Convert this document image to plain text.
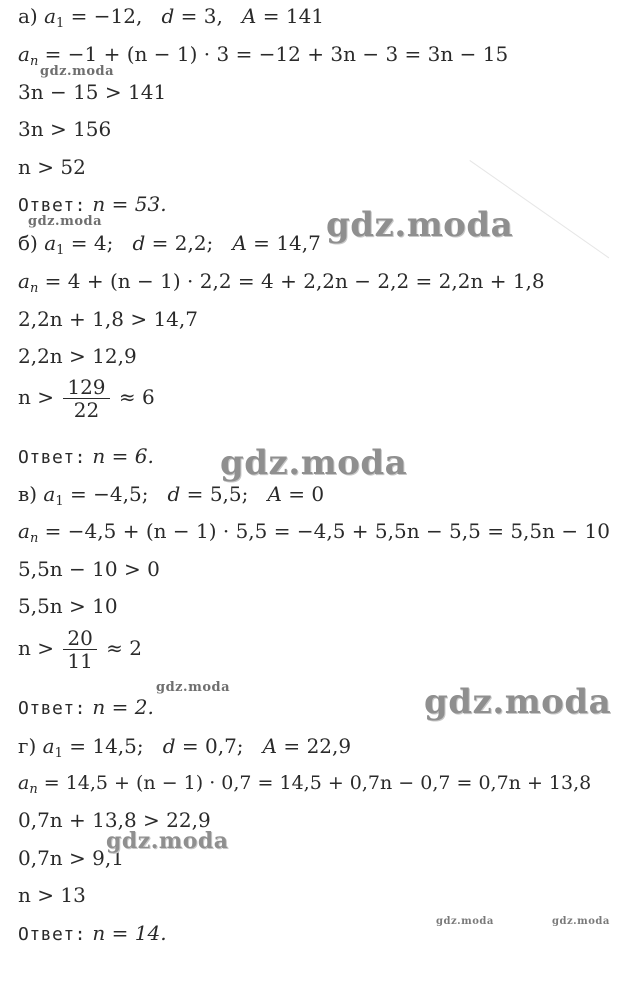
а) $a_1 = -12$, d = 3, A = 141
$a_n = -1 + (n - 1) \cdot 3 = -12 + 3n - 3 = 3n - 15$
3n − 15 > 141
3n > 156
n > 52
Ответ: n = 53.
б) $a_1 = 4$; d = 2,2; A = 14,7
$a_n = 4 + (n - 1) \cdot 2,2 = 4 + 2,2n - 2,2 = 2,2n + 1,8$
2,2n + 1,8 > 14,7
2,2n > 12,9
$n > \frac{129}{22} \approx 6$
Ответ: n = 6.
в) $a_1 = -4,5$; d = 5,5; A = 0
$a_n = -4,5 + (n - 1) \cdot 5,5 = -4,5 + 5,5n - 5,5 = 5,5n - 10$
5,5n − 10 > 0
5,5n > 10
$n > \frac{20}{11} \approx 2$
Ответ: n = 2.
г) $a_1 = 14,5$; d = 0,7; A = 22,9
$a_n = 14,5 + (n - 1) \cdot 0,7 = 14,5 + 0,7n - 0,7 = 0,7n + 13,8$
0,7n + 13,8 > 22,9
0,7n > 9,1
n > 13
Ответ: n = 14.
gdz.moda
gdz.moda	gdz.moda
gdz.moda
gdz.moda	gdz.moda
gdz.moda
gdz.moda	gdz.moda
